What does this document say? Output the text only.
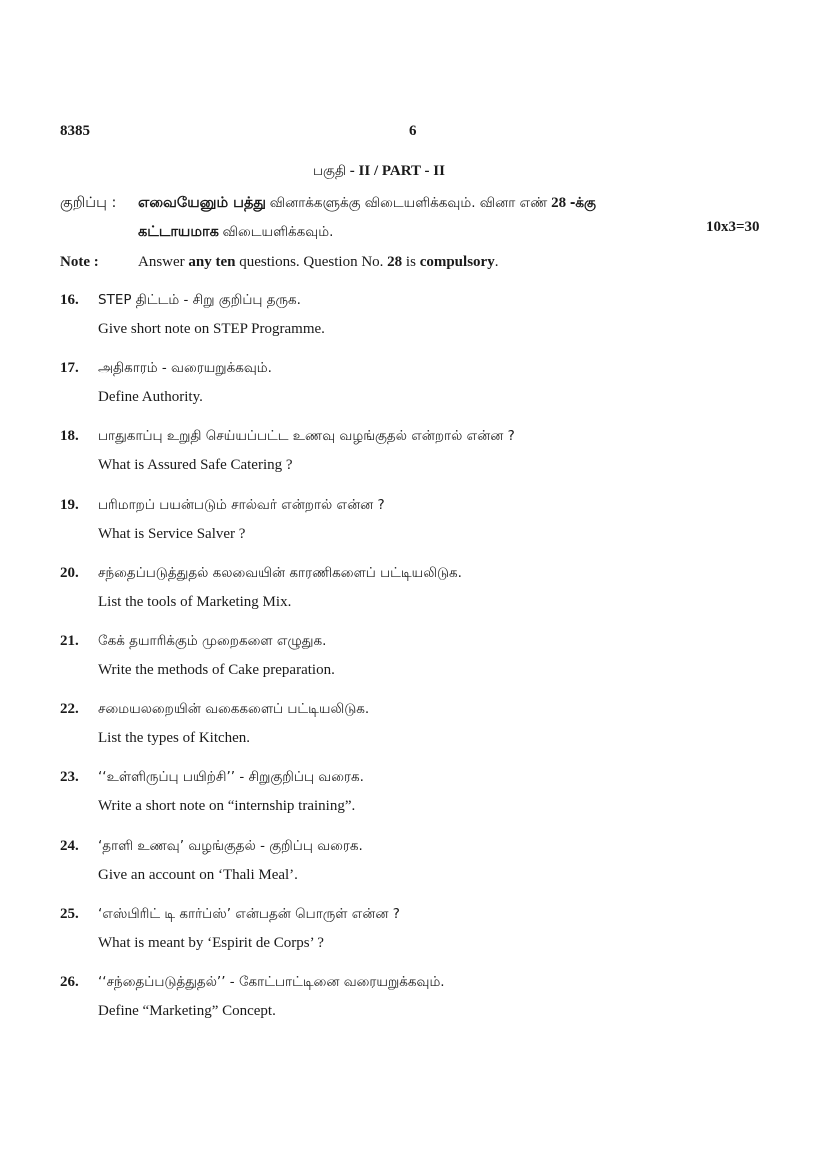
8385	6
பகுதி - II / PART - II
குறிப்பு : எவையேனும் பத்து வினாக்களுக்கு விடையளிக்கவும். வினா எண் 28 -க்கு
கட்டாயமாக விடையளிக்கவும்.	10x3=30
Note :	Answer any ten questions. Question No. 28 is compulsory.
16. STEP திட்டம் - சிறு குறிப்பு தருக.
Give short note on STEP Programme.
17. அதிகாரம் - வரையறுக்கவும்.
Define Authority.
18. பாதுகாப்பு உறுதி செய்யப்பட்ட உணவு வழங்குதல் என்றால் என்ன ?
What is Assured Safe Catering ?
19. பரிமாறப் பயன்படும் சால்வர் என்றால் என்ன ?
What is Service Salver ?
20. சந்தைப்படுத்துதல் கலவையின் காரணிகளைப் பட்டியலிடுக.
List the tools of Marketing Mix.
21. கேக் தயாரிக்கும் முறைகளை எழுதுக.
Write the methods of Cake preparation.
22. சமையலறையின் வகைகளைப் பட்டியலிடுக.
List the types of Kitchen.
23. ‘‘உள்ளிருப்பு பயிற்சி’’ - சிறுகுறிப்பு வரைக.
Write a short note on “internship training”.
24. ‘தாளி உணவு’ வழங்குதல் - குறிப்பு வரைக.
Give an account on ‘Thali Meal’.
25. ‘எஸ்பிரிட் டி கார்ப்ஸ்’ என்பதன் பொருள் என்ன ?
What is meant by ‘Espirit de Corps’ ?
26. ‘‘சந்தைப்படுத்துதல்’’ - கோட்பாட்டினை வரையறுக்கவும்.
Define “Marketing” Concept.
